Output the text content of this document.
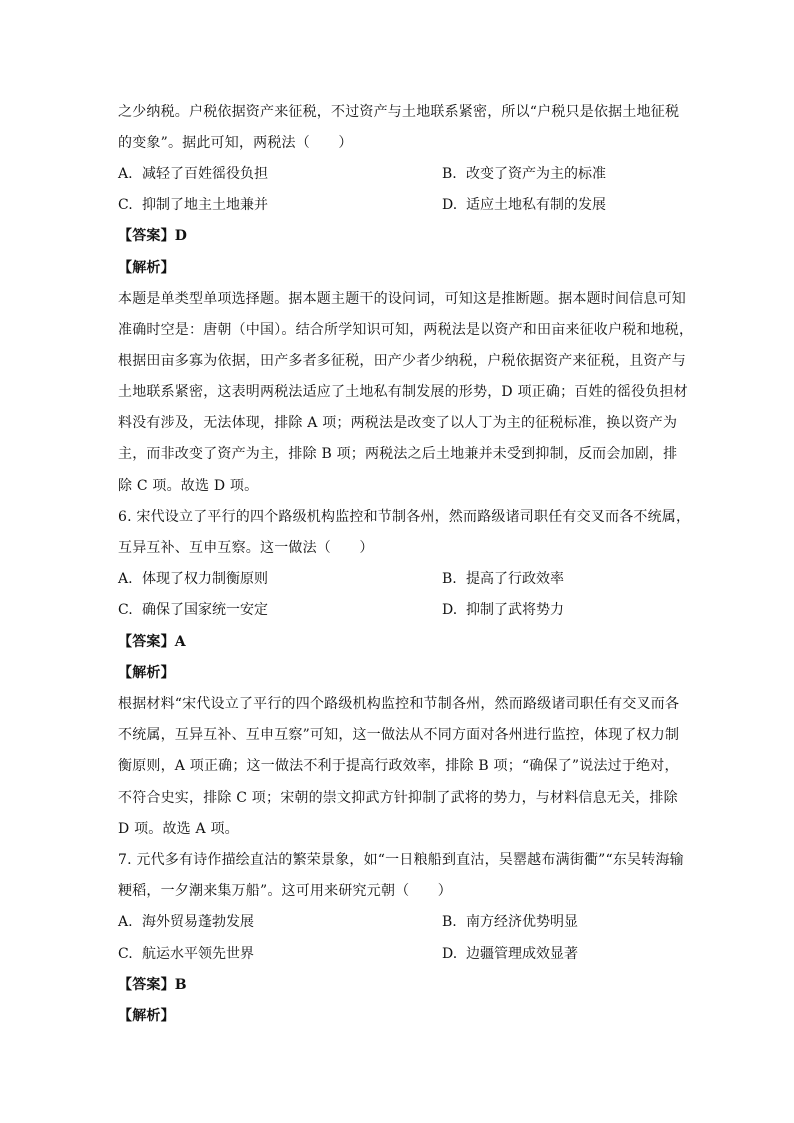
之少纳税。户税依据资产来征税，不过资产与土地联系紧密，所以“户税只是依据土地征税
的变象”。据此可知，两税法（　　）
A. 减轻了百姓徭役负担	B. 改变了资产为主的标准
C. 抑制了地主土地兼并	D. 适应土地私有制的发展
【答案】D
【解析】
本题是单类型单项选择题。据本题主题干的设问词，可知这是推断题。据本题时间信息可知
准确时空是：唐朝（中国）。结合所学知识可知，两税法是以资产和田亩来征收户税和地税，
根据田亩多寡为依据，田产多者多征税，田产少者少纳税，户税依据资产来征税，且资产与
土地联系紧密，这表明两税法适应了土地私有制发展的形势，D 项正确；百姓的徭役负担材
料没有涉及，无法体现，排除 A 项；两税法是改变了以人丁为主的征税标准，换以资产为
主，而非改变了资产为主，排除 B 项；两税法之后土地兼并未受到抑制，反而会加剧，排
除 C 项。故选 D 项。
6. 宋代设立了平行的四个路级机构监控和节制各州，然而路级诸司职任有交叉而各不统属，
互异互补、互申互察。这一做法（　　）
A. 体现了权力制衡原则	B. 提高了行政效率
C. 确保了国家统一安定	D. 抑制了武将势力
【答案】A
【解析】
根据材料“宋代设立了平行的四个路级机构监控和节制各州，然而路级诸司职任有交叉而各
不统属，互异互补、互申互察”可知，这一做法从不同方面对各州进行监控，体现了权力制
衡原则，A 项正确；这一做法不利于提高行政效率，排除 B 项；“确保了”说法过于绝对，
不符合史实，排除 C 项；宋朝的崇文抑武方针抑制了武将的势力，与材料信息无关，排除
D 项。故选 A 项。
7. 元代多有诗作描绘直沽的繁荣景象，如“一日粮船到直沽，吴罂越布满街衢”“东吴转海输
粳稻，一夕潮来集万船”。这可用来研究元朝（　　）
A. 海外贸易蓬勃发展	B. 南方经济优势明显
C. 航运水平领先世界	D. 边疆管理成效显著
【答案】B
【解析】
